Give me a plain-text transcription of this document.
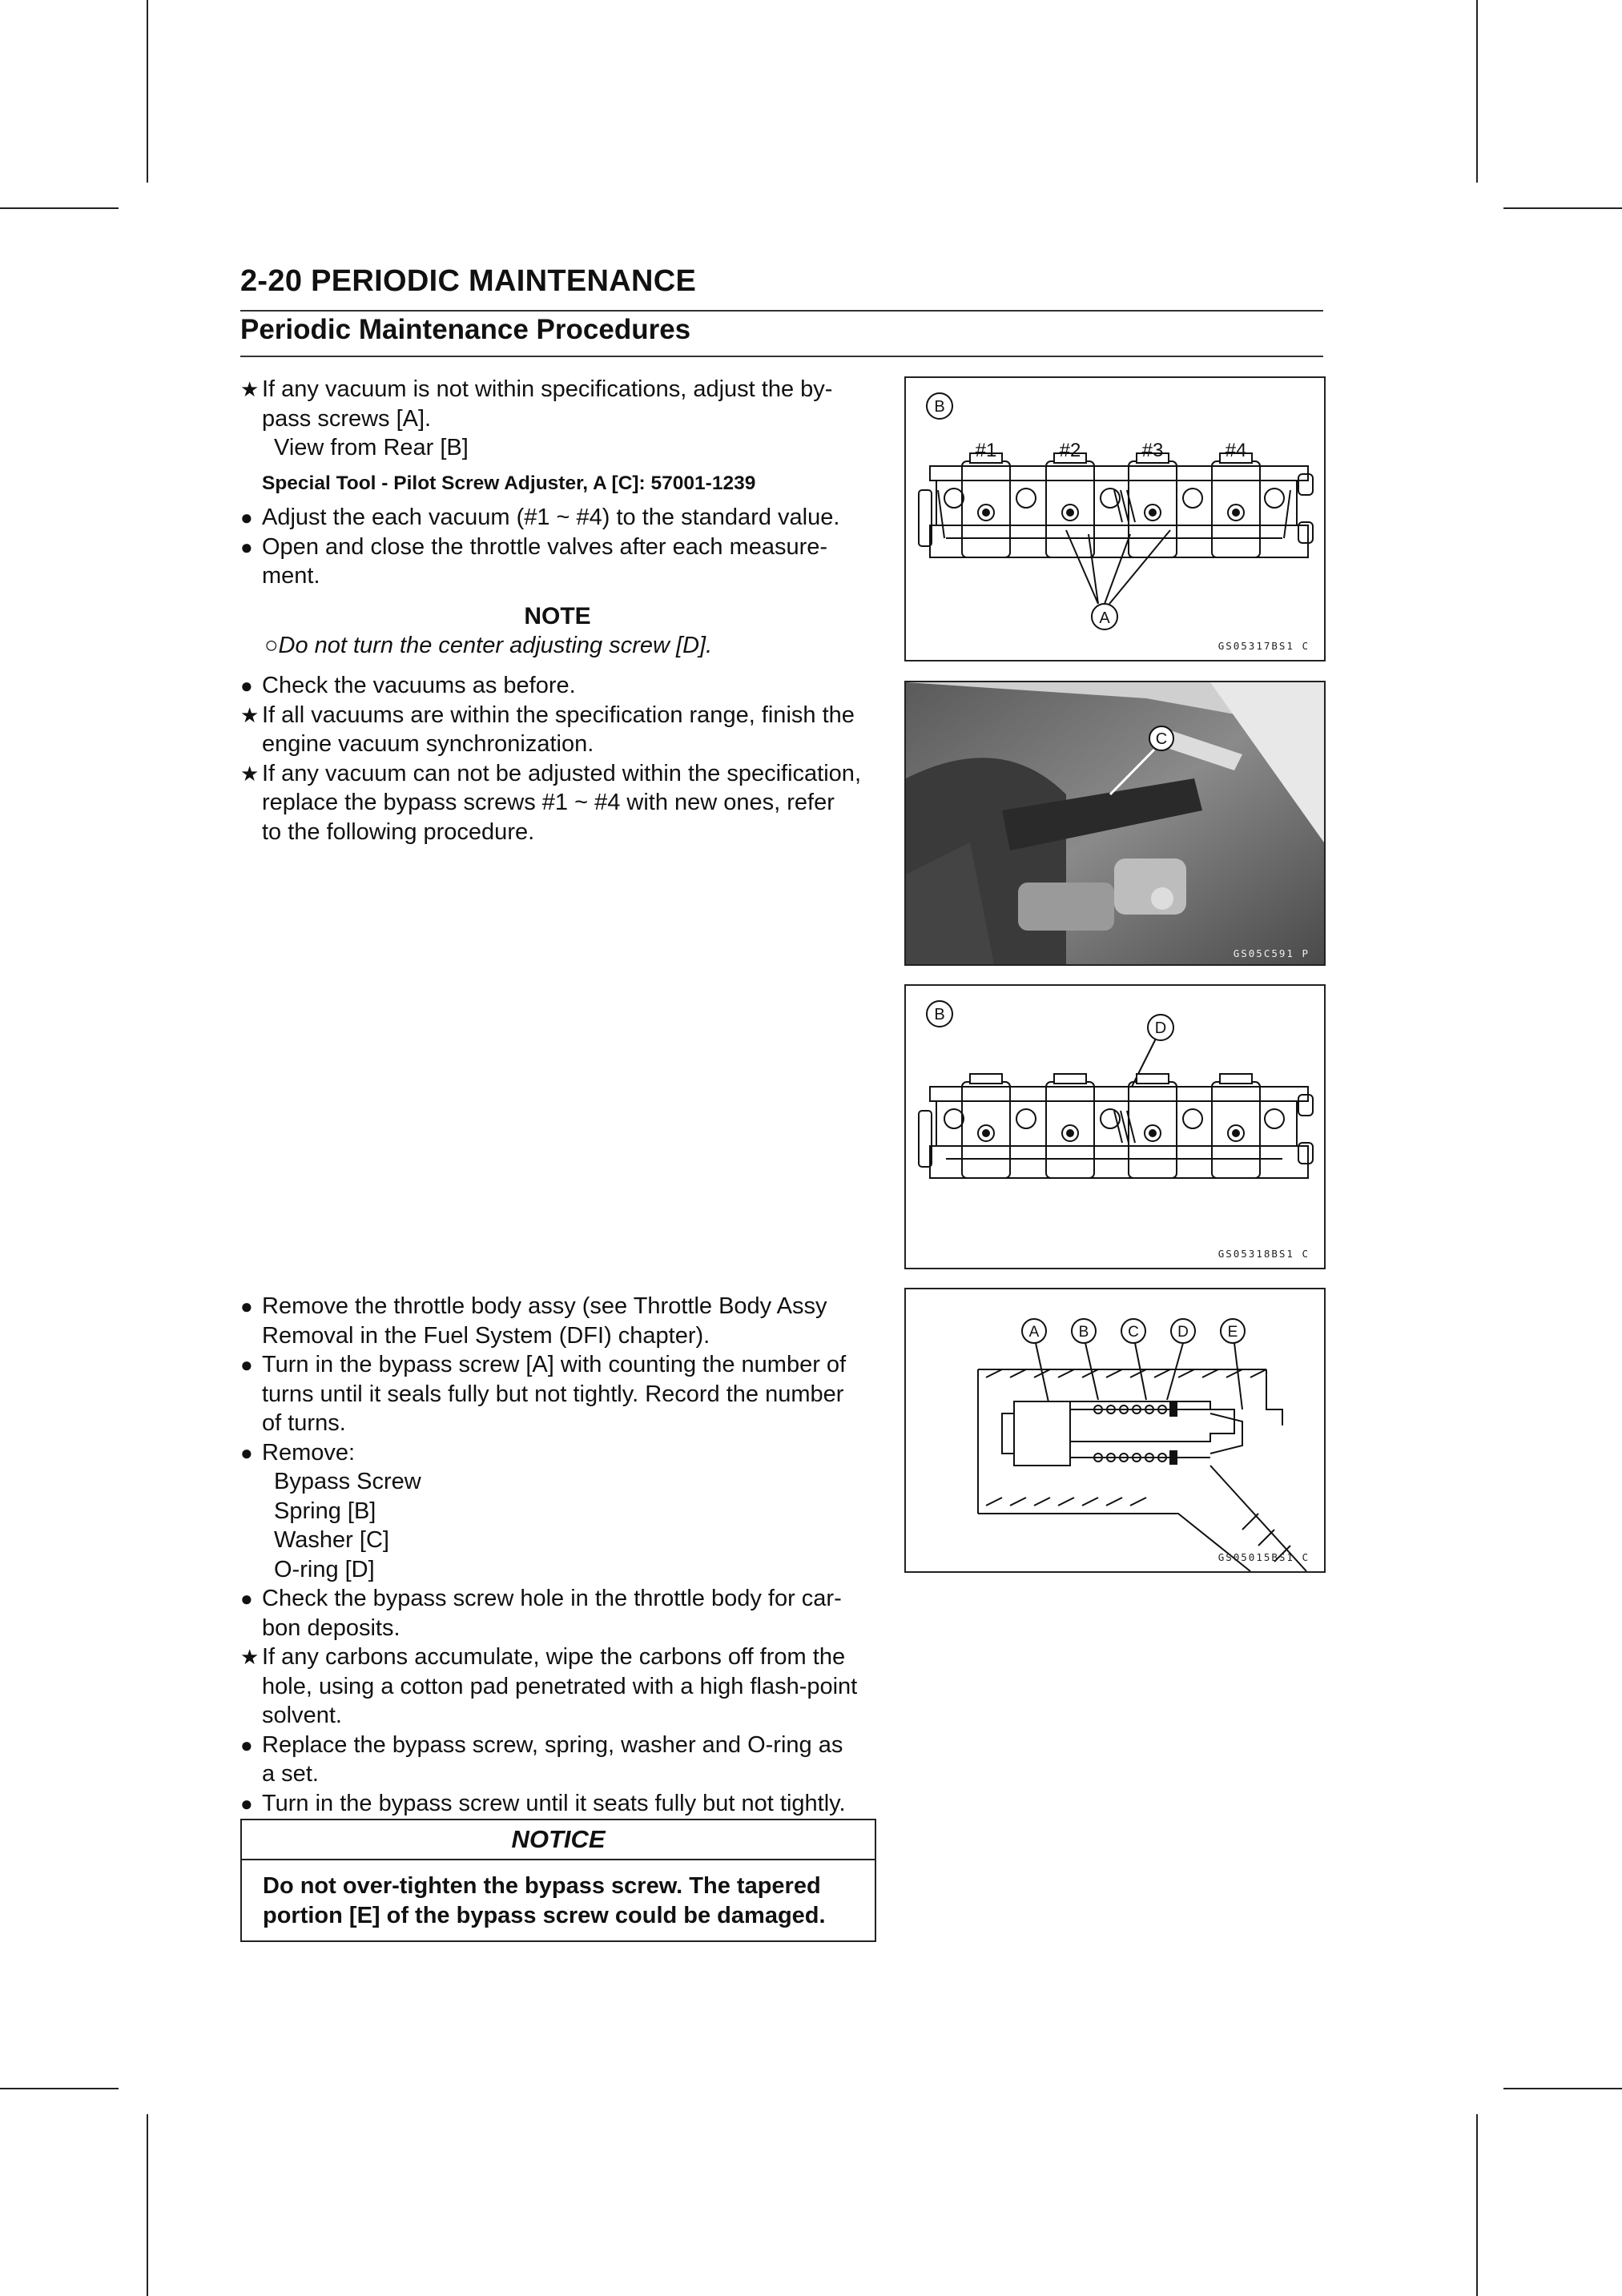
2-20 PERIODIC MAINTENANCE
Periodic Maintenance Procedures
★ If any vacuum is not within specifications, adjust the by-
pass screws [A].
View from Rear [B]
Special Tool - Pilot Screw Adjuster, A [C]: 57001-1239
● Adjust the each vacuum (#1 ~ #4) to the standard value.
● Open and close the throttle valves after each measure-
ment.
NOTE
○Do not turn the center adjusting screw [D].
● Check the vacuums as before.
★ If all vacuums are within the specification range, finish the
engine vacuum synchronization.
★ If any vacuum can not be adjusted within the specification,
replace the bypass screws #1 ~ #4 with new ones, refer
to the following procedure.
● Remove the throttle body assy (see Throttle Body Assy
Removal in the Fuel System (DFI) chapter).
● Turn in the bypass screw [A] with counting the number of
turns until it seals fully but not tightly. Record the number
of turns.
● Remove:
Bypass Screw
Spring [B]
Washer [C]
O-ring [D]
● Check the bypass screw hole in the throttle body for car-
bon deposits.
★ If any carbons accumulate, wipe the carbons off from the
hole, using a cotton pad penetrated with a high flash-point
solvent.
● Replace the bypass screw, spring, washer and O-ring as
a set.
● Turn in the bypass screw until it seats fully but not tightly.
NOTICE
Do not over-tighten the bypass screw. The tapered
portion [E] of the bypass screw could be damaged.
B
A
#1	#2	#3	#4
GS05317BS1 C
C
GS05C591 P
B
D
GS05318BS1 C
A	B	C	D	E
GS05015BS1 C
